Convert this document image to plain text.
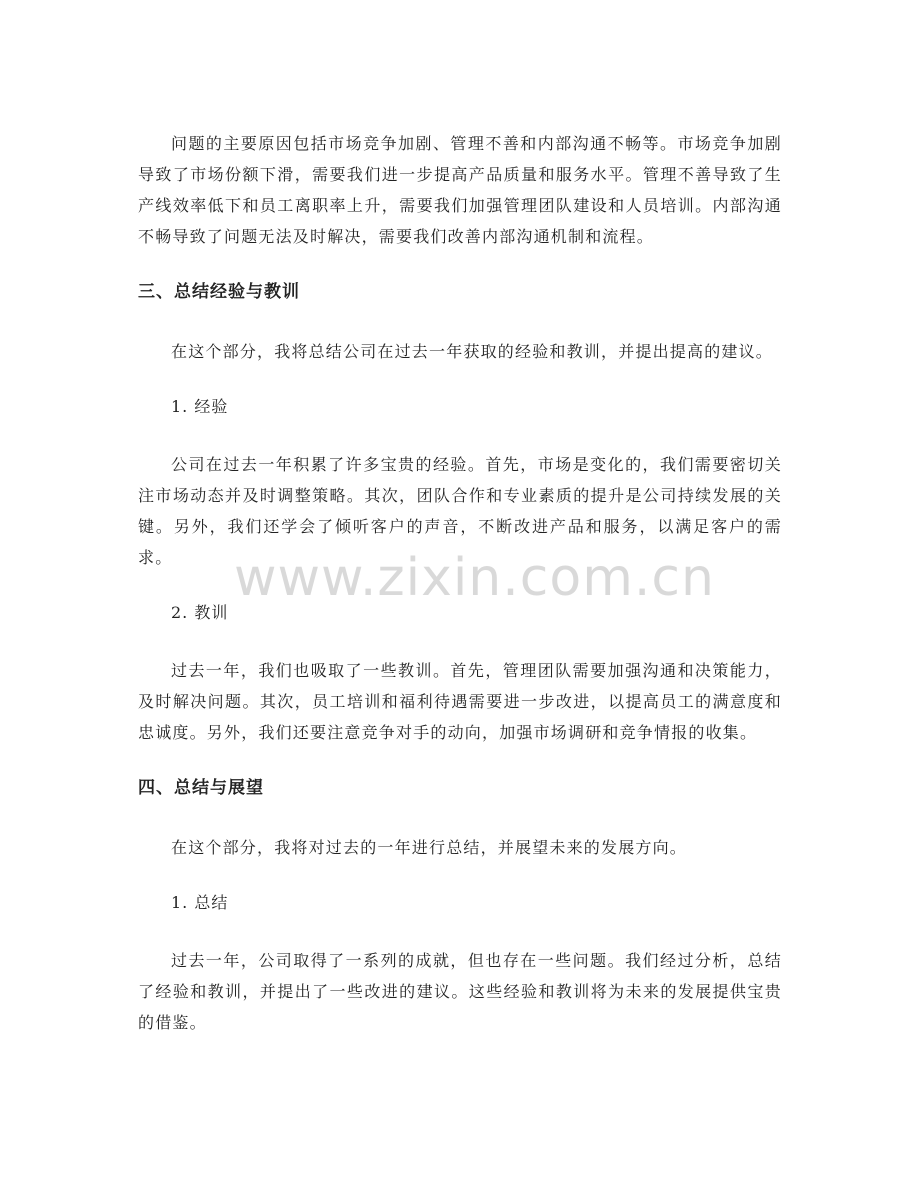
问题的主要原因包括市场竞争加剧、管理不善和内部沟通不畅等。市场竞争加剧导致了市场份额下滑，需要我们进一步提高产品质量和服务水平。管理不善导致了生产线效率低下和员工离职率上升，需要我们加强管理团队建设和人员培训。内部沟通不畅导致了问题无法及时解决，需要我们改善内部沟通机制和流程。

三、总结经验与教训

在这个部分，我将总结公司在过去一年获取的经验和教训，并提出提高的建议。

1. 经验

公司在过去一年积累了许多宝贵的经验。首先，市场是变化的，我们需要密切关注市场动态并及时调整策略。其次，团队合作和专业素质的提升是公司持续发展的关键。另外，我们还学会了倾听客户的声音，不断改进产品和服务，以满足客户的需求。

2. 教训

过去一年，我们也吸取了一些教训。首先，管理团队需要加强沟通和决策能力，及时解决问题。其次，员工培训和福利待遇需要进一步改进，以提高员工的满意度和忠诚度。另外，我们还要注意竞争对手的动向，加强市场调研和竞争情报的收集。

四、总结与展望

在这个部分，我将对过去的一年进行总结，并展望未来的发展方向。

1. 总结

过去一年，公司取得了一系列的成就，但也存在一些问题。我们经过分析，总结了经验和教训，并提出了一些改进的建议。这些经验和教训将为未来的发展提供宝贵的借鉴。

www.zixin.com.cn
